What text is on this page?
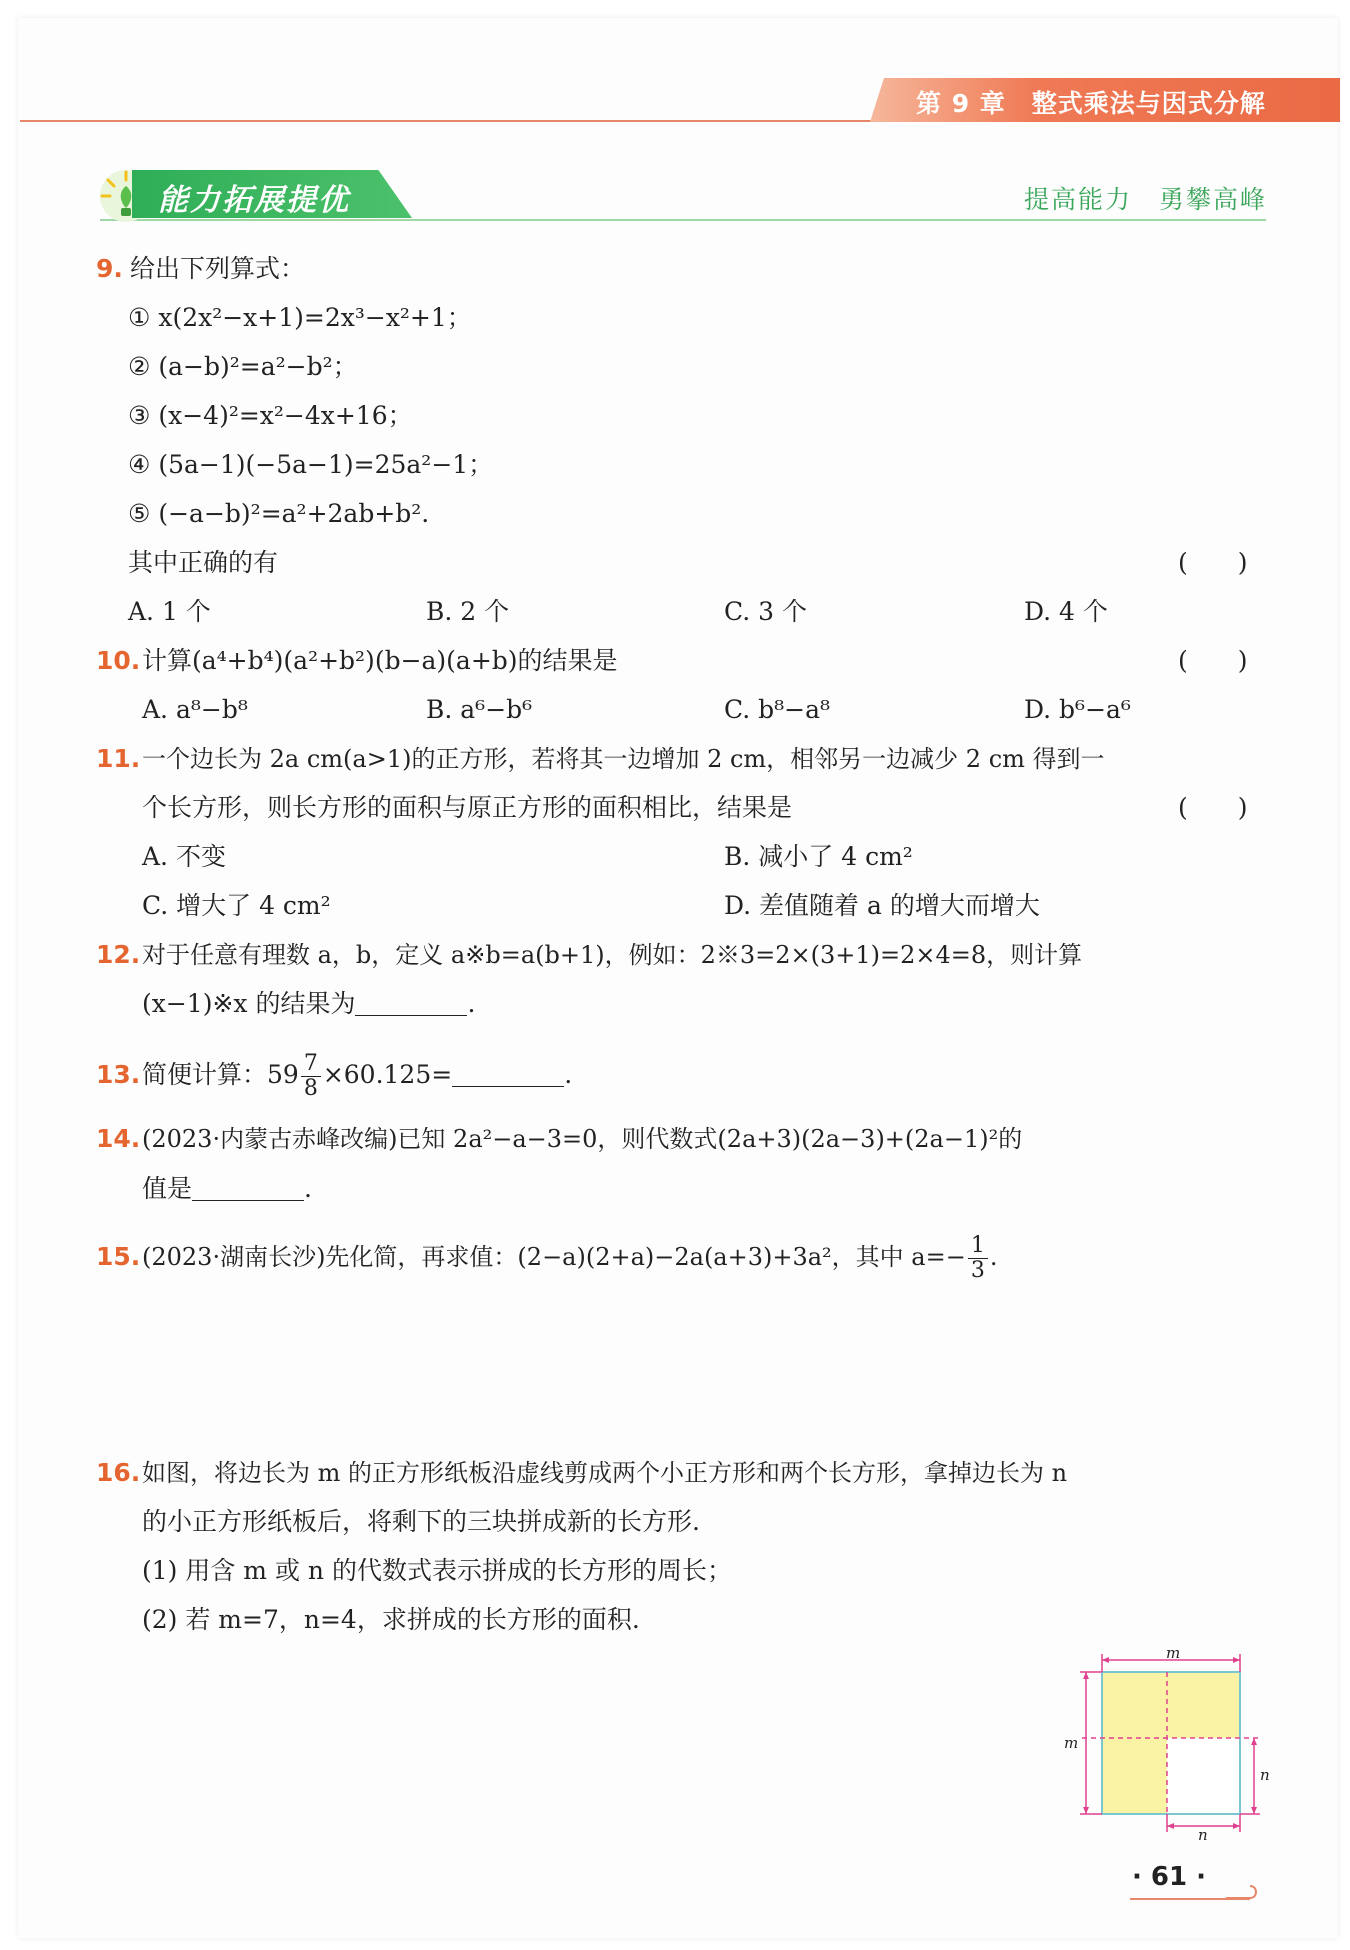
第 9 章　整式乘法与因式分解
能力拓展提优	提高能力　勇攀高峰
9. 给出下列算式：
① x(2x²−x+1)=2x³−x²+1；
② (a−b)²=a²−b²；
③ (x−4)²=x²−4x+16；
④ (5a−1)(−5a−1)=25a²−1；
⑤ (−a−b)²=a²+2ab+b².
其中正确的有	(　　)
A. 1 个	B. 2 个	C. 3 个	D. 4 个
10. 计算(a⁴+b⁴)(a²+b²)(b−a)(a+b)的结果是	(　　)
A. a⁸−b⁸	B. a⁶−b⁶	C. b⁸−a⁸	D. b⁶−a⁶
11. 一个边长为 2a cm(a>1)的正方形，若将其一边增加 2 cm，相邻另一边减少 2 cm 得到一
个长方形，则长方形的面积与原正方形的面积相比，结果是	(　　)
A. 不变	B. 减小了 4 cm²
C. 增大了 4 cm²	D. 差值随着 a 的增大而增大
12. 对于任意有理数 a，b，定义 a※b=a(b+1)，例如：2※3=2×(3+1)=2×4=8，则计算
(x−1)※x 的结果为	.
13. 简便计算：$59 \frac{7}{8} \times 60.125=$	.
14. (2023·内蒙古赤峰改编)已知 2a²−a−3=0，则代数式(2a+3)(2a−3)+(2a−1)²的
值是	.
15. (2023·湖南长沙)先化简，再求值：(2−a)(2+a)−2a(a+3)+3a²，其中 $a=- \frac{1}{3}$ .
16. 如图，将边长为 m 的正方形纸板沿虚线剪成两个小正方形和两个长方形，拿掉边长为 n
的小正方形纸板后，将剩下的三块拼成新的长方形.
(1) 用含 m 或 n 的代数式表示拼成的长方形的周长；
(2) 若 m=7，n=4，求拼成的长方形的面积.
m
m
n
n
· 61 ·
